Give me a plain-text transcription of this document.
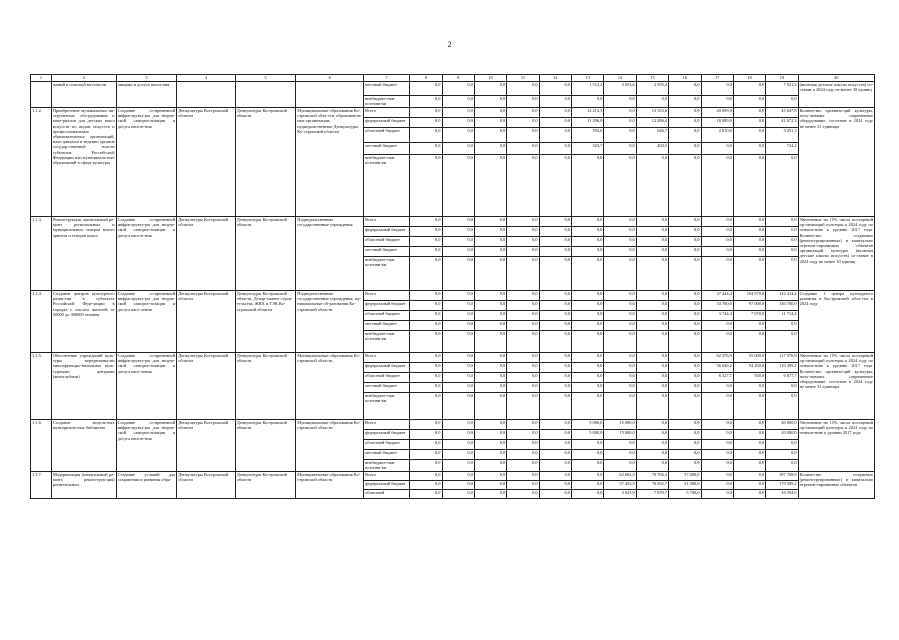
2
1	2	3	4	5	6	7	8	9	10	11	12	13	14	15	16	17	18	19	20
	жений в сельской местности	лищами и досуга насел-ния				местный бюджет	0,0	0,0	0,0	0,0	0,0	1 512,2	3 053,6	2 955,4	0,0	0,0	0,0	7 521,2	(включая детские школы искусств) со-ставит в 2024 году не менее 30 единиц
						внебюджет-ные источни-ки	0,0	0,0	0,0	0,0	0,0	0,0	0,0	0,0	0,0	0,0	0,0	0,0	
1.1.2.	Приобретение музыкальных ин-струментов, обо-рудования и мате-риалов для детских школ искусств по видам искусств и профессиональных образовательных организаций, нахо-дящихся в ведении органов государ-ственной власти субъектов Россий-ской Федерации или муниципаль-ных образований в сфере культуры	Создание со-временной инфраструкту-ры для творче-ской самореа-лизации и досуга населе-ния	Депкультуры Костромской области	Депкультуры Костромской области	Муниципальные образования Ко-стромской обла-сти, образователь-ные организации, подведомственные Депкультуры Ко-стромской области	Всего	0,0	0,0	0,0	0,0	0,0	12 214,3	0,0	13 333,6	0,0	20 099,9	0,0	45 647,8	Количество организа-ций культуры, полу-чивших современное оборудование, соста-вит в 2024 году не менее 31 единицы
						федеральный бюджет	0,0	0,0	0,0	0,0	0,0	11 296,0	0,0	12 286,4	0,0	18 089,9	0,0	41 672,3	
						областной бюджет	0,0	0,0	0,0	0,0	0,0	594,6	0,0	646,7	0,0	2 010,0	0,0	3 251,3	
						местный бюджет	0,0	0,0	0,0	0,0	0,0	323,7	0,0	400,5	0,0	0,0	0,0	724,2	
						внебюджет-ные источни-ки	0,0	0,0	0,0	0,0	0,0	0,0	0,0	0,0	0,0	0,0	0,0	0,0	
1.1.3.	Реконструкция, капитальный ре-монт региональных и муниципальных театров юного зрителя и театров кукол	Создание со-временной инфраструкту-ры для творче-ской самореа-лизации и досуга населе-ния	Депкультуры Костромской области	Депкультуры Костромской области	Подведомственные государственные учреждения	Всего	0,0	0,0	0,0	0,0	0,0	0,0	0,0	0,0	0,0	0,0	0,0	0,0	Увеличение на 15% числа посещений ор-ганизаций культуры к 2024 году по отноше-нию к уровню 2017 года. Количество созданных (реконструированных) и капитально отремон-тированных объектов организаций культуры (включая детские школы искусств) со-ставит в 2024 году не менее 30 единиц
						федеральный бюджет	0,0	0,0	0,0	0,0	0,0	0,0	0,0	0,0	0,0	0,0	0,0	0,0	
						областной бюджет	0,0	0,0	0,0	0,0	0,0	0,0	0,0	0,0	0,0	0,0	0,0	0,0	
						местный бюджет	0,0	0,0	0,0	0,0	0,0	0,0	0,0	0,0	0,0	0,0	0,0	0,0	
						внебюджет-ные источни-ки	0,0	0,0	0,0	0,0	0,0	0,0	0,0	0,0	0,0	0,0	0,0	0,0	
1.1.4.	Создание центров культурного разви-тия в субъектах Российской Феде-рации в городах с числом жителей от 50000 до 300000 человек	Создание со-временной инфраструкту-ры для творче-ской самореа-лизации и досуга насе-ления	Депкультуры Костромской области	Депкультуры Костромской области, Депар-тамент строи-тельства, ЖКХ и ТЭК Ко-стромской области	Подведомственные государственные учреждения, му-ниципальные об-разования Ко-стромской области	Всего	0,0	0,0	0,0	0,0	0,0	0,0	0,0	0,0	0,0	37 444,4	104 970,0	142 414,4	Создание 1 центра культурного развития в Костромской обла-сти к 2024 году
						федеральный бюджет	0,0	0,0	0,0	0,0	0,0	0,0	0,0	0,0	0,0	33 700,0	97 000,0	130 700,0	
						областной бюджет	0,0	0,0	0,0	0,0	0,0	0,0	0,0	0,0	0,0	3 744,4	7 970,0	11 714,4	
						местный бюджет	0,0	0,0	0,0	0,0	0,0	0,0	0,0	0,0	0,0	0,0	0,0	0,0	
						внебюджет-ные источни-ки	0,0	0,0	0,0	0,0	0,0	0,0	0,0	0,0	0,0	0,0	0,0	0,0	
1.1.5.	Обеспечение учреждений куль-туры передвижны-ми многофункцио-нальными куль-турными центрами (автоклубами)	Создание со-временной инфраструкту-ры для творче-ской самореа-лизации и досуга насе-ления	Депкультуры Костромской области	Депкультуры Костромской области	Муниципальные образования Ко-стромской области	Всего	0,0	0,0	0,0	0,0	0,0	0,0	0,0	0,0	0,0	62 376,9	55 000,0	117 376,9	Увеличение на 15% числа посещений ор-ганизаций культуры к 2024 году по отноше-нию к уровню 2017 года. Количество организа-ций культуры, полу-чивших современное оборудование, соста-вит в 2024 году не менее 31 единицы
						федеральный бюджет	0,0	0,0	0,0	0,0	0,0	0,0	0,0	0,0	0,0	56 049,2	54 450,0	110 499,2	
						областной бюджет	0,0	0,0	0,0	0,0	0,0	0,0	0,0	0,0	0,0	6 327,7	550,0	6 877,7	
						местный бюджет	0,0	0,0	0,0	0,0	0,0	0,0	0,0	0,0	0,0	0,0	0,0	0,0	
						внебюджет-ные источни-ки	0,0	0,0	0,0	0,0	0,0	0,0	0,0	0,0	0,0	0,0	0,0	0,0	
1.1.6.	Создание модель-ных муниципаль-ных библиотек	Создание со-временной инфраструкту-ры для творче-ской самореа-лизации и досуга населе-ния	Депкультуры Костромской области	Депкультуры Костромской области	Муниципальные образования Ко-стромской области	Всего	0,0	0,0	0,0	0,0	0,0	5 000,0	15 000,0	0,0	0,0	0,0	0,0	20 000,0	Увеличение на 15% числа посещений ор-ганизаций культуры к 2024 году по отноше-нию к уровню 2017 года
						федеральный бюджет	0,0	0,0	0,0	0,0	0,0	5 000,0	15 000,0	0,0	0,0	0,0	0,0	20 000,0	
						областной бюджет	0,0	0,0	0,0	0,0	0,0	0,0	0,0	0,0	0,0	0,0	0,0	0,0	
						местный бюджет	0,0	0,0	0,0	0,0	0,0	0,0	0,0	0,0	0,0	0,0	0,0	0,0	
						внебюджет-ные источни-ки	0,0	0,0	0,0	0,0	0,0	0,0	0,0	0,0	0,0	0,0	0,0	0,0	
1.1.7.	Модернизация (капитальный ре-монт, реконструк-ция) региональных	Создание условий для сохранения и развития обра-	Депкультуры Костромской области	Депкультуры Костромской области	Муниципальные образования Ко-стромской области	Всего	0,0	0,0	0,0	0,0	0,0	0,0	62 062,5	78 706,4	57 000,0	0,0	0,0	197 769,9	Количество созданных (реконструированных) и капитально отремон-тированных объектов
						федеральный бюджет	0,0	0,0	0,0	0,0	0,0	0,0	57 453,5	70 835,7	51 300,0	0,0	0,0	179 589,2	
						областной	0,0	0,0	0,0	0,0	0,0	0,0	3 023,9	7 870,7	5 700,0	0,0	0,0	16 594,6	
